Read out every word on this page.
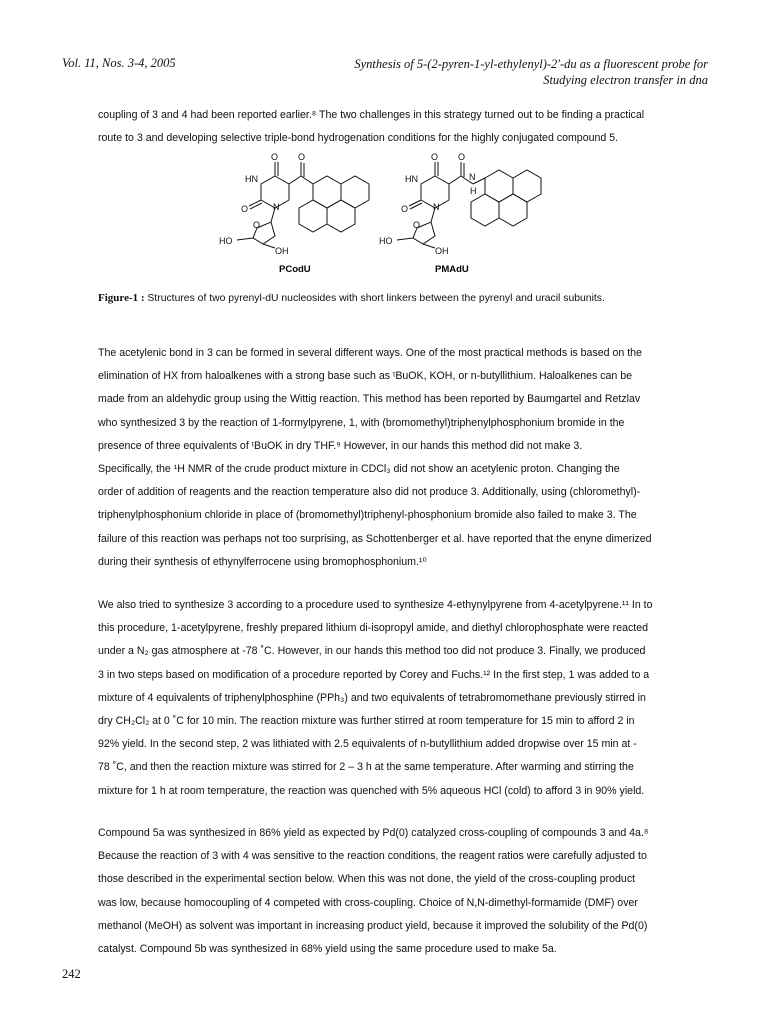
Vol. 11, Nos. 3-4, 2005	Synthesis of 5-(2-pyren-1-yl-ethylenyl)-2'-du as a fluorescent probe for
Studying electron transfer in dna
coupling of 3 and 4 had been reported earlier.⁸ The two challenges in this strategy turned out to be finding a practical
route to 3 and developing selective triple-bond hydrogenation conditions for the highly conjugated compound 5.
O O
HN
O	N
O
HO
OH
O O
HN	N
H
O	N
O
HO
OH
PCodU	PMAdU
Figure-1 : Structures of two pyrenyl-dU nucleosides with short linkers between the pyrenyl and uracil subunits.
The acetylenic bond in 3 can be formed in several different ways. One of the most practical methods is based on the
elimination of HX from haloalkenes with a strong base such as ᵗBuOK, KOH, or n-butyllithium. Haloalkenes can be
made from an aldehydic group using the Wittig reaction. This method has been reported by Baumgartel and Retzlav
who synthesized 3 by the reaction of 1-formylpyrene, 1, with (bromomethyl)triphenylphosphonium bromide in the
presence of three equivalents of ᵗBuOK in dry THF.⁹ However, in our hands this method did not make 3.
Specifically, the ¹H NMR of the crude product mixture in CDCl₃ did not show an acetylenic proton. Changing the
order of addition of reagents and the reaction temperature also did not produce 3. Additionally, using (chloromethyl)-
triphenylphosphonium chloride in place of (bromomethyl)triphenyl-phosphonium bromide also failed to make 3. The
failure of this reaction was perhaps not too surprising, as Schottenberger et al. have reported that the enyne dimerized
during their synthesis of ethynylferrocene using bromophosphonium.¹⁰
We also tried to synthesize 3 according to a procedure used to synthesize 4-ethynylpyrene from 4-acetylpyrene.¹¹ In to
this procedure, 1-acetylpyrene, freshly prepared lithium di-isopropyl amide, and diethyl chlorophosphate were reacted
under a N₂ gas atmosphere at -78 ˚C. However, in our hands this method too did not produce 3. Finally, we produced
3 in two steps based on modification of a procedure reported by Corey and Fuchs.¹² In the first step, 1 was added to a
mixture of 4 equivalents of triphenylphosphine (PPh₃) and two equivalents of tetrabromomethane previously stirred in
dry CH₂Cl₂ at 0 ˚C for 10 min. The reaction mixture was further stirred at room temperature for 15 min to afford 2 in
92% yield. In the second step, 2 was lithiated with 2.5 equivalents of n-butyllithium added dropwise over 15 min at -
78 ˚C, and then the reaction mixture was stirred for 2 – 3 h at the same temperature. After warming and stirring the
mixture for 1 h at room temperature, the reaction was quenched with 5% aqueous HCl (cold) to afford 3 in 90% yield.
Compound 5a was synthesized in 86% yield as expected by Pd(0) catalyzed cross-coupling of compounds 3 and 4a.⁸
Because the reaction of 3 with 4 was sensitive to the reaction conditions, the reagent ratios were carefully adjusted to
those described in the experimental section below. When this was not done, the yield of the cross-coupling product
was low, because homocoupling of 4 competed with cross-coupling. Choice of N,N-dimethyl-formamide (DMF) over
methanol (MeOH) as solvent was important in increasing product yield, because it improved the solubility of the Pd(0)
catalyst. Compound 5b was synthesized in 68% yield using the same procedure used to make 5a.
242
